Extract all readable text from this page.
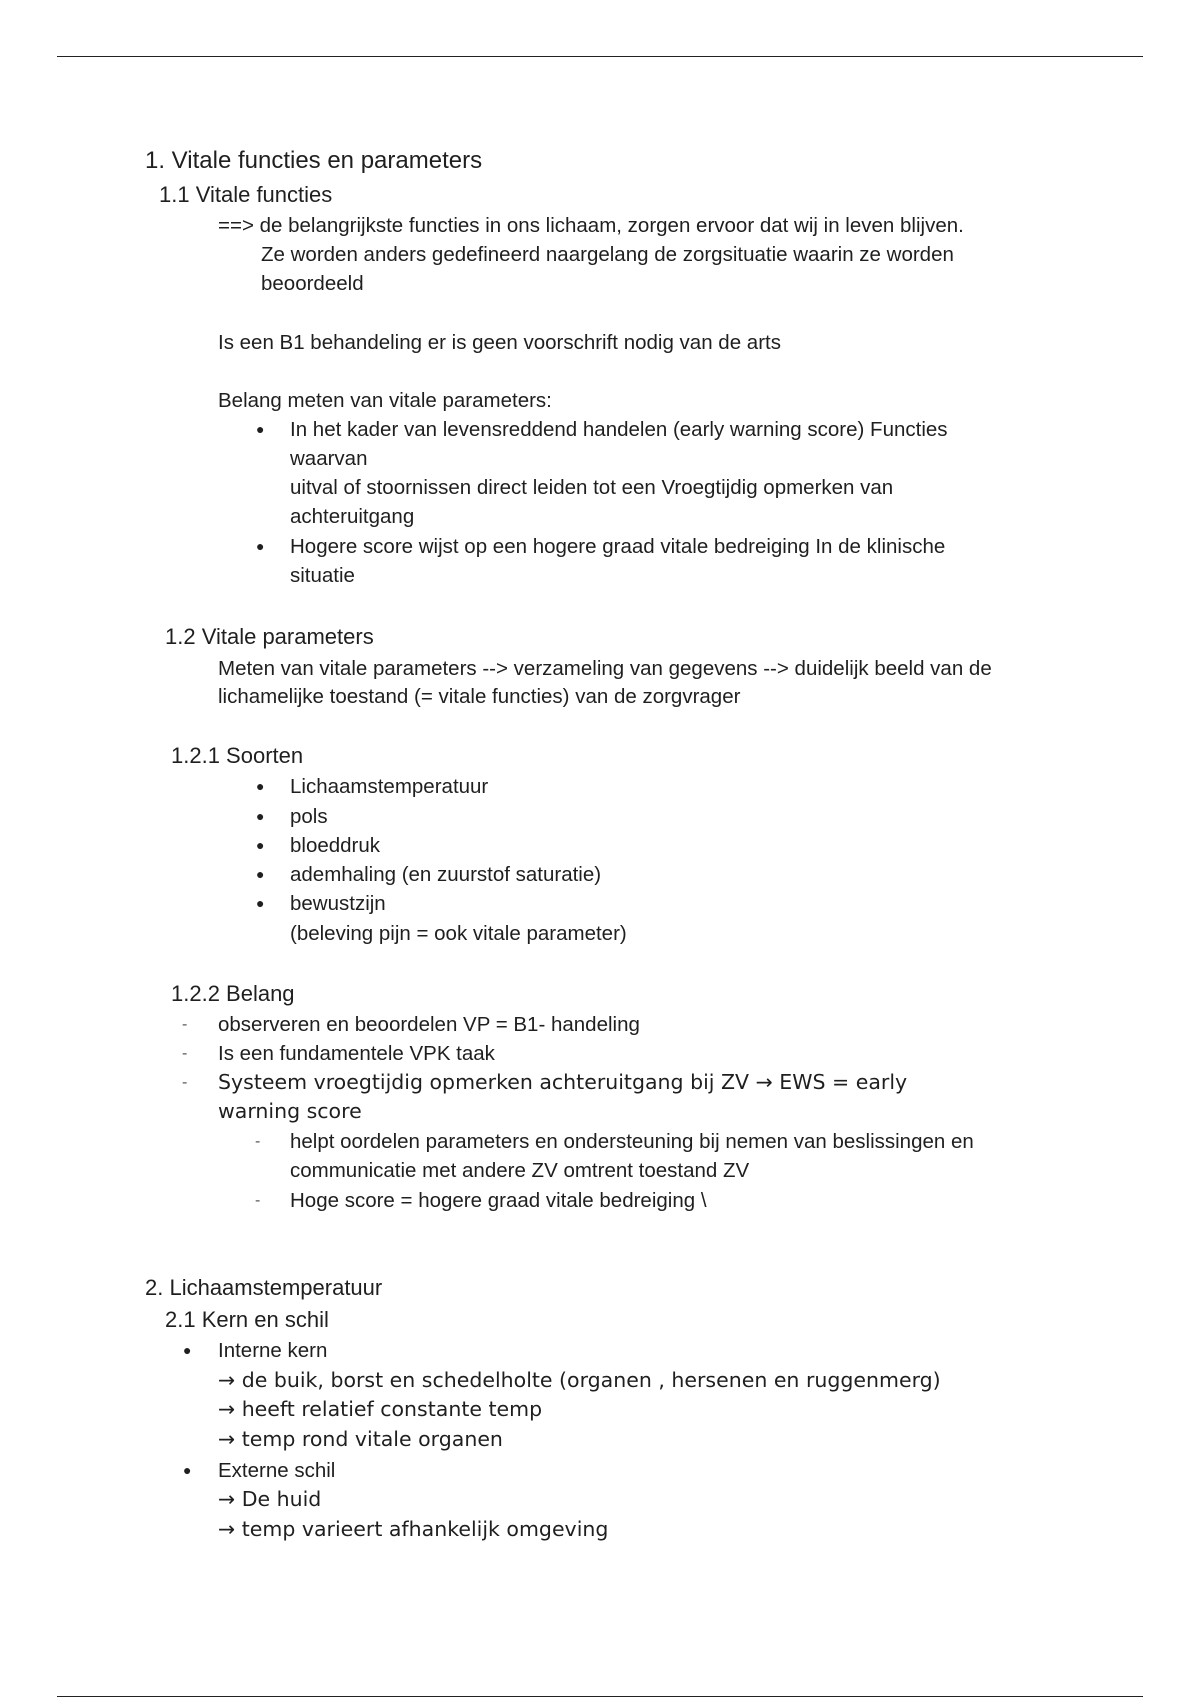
1. Vitale functies en parameters
1.1 Vitale functies
==> de belangrijkste functies in ons lichaam, zorgen ervoor dat wij in leven blijven.
Ze worden anders gedefineerd naargelang de zorgsituatie waarin ze worden
beoordeeld
Is een B1 behandeling er is geen voorschrift nodig van de arts
Belang meten van vitale parameters:
● In het kader van levensreddend handelen (early warning score) Functies
waarvan
uitval of stoornissen direct leiden tot een Vroegtijdig opmerken van
achteruitgang
● Hogere score wijst op een hogere graad vitale bedreiging In de klinische
situatie
1.2 Vitale parameters
Meten van vitale parameters --> verzameling van gegevens --> duidelijk beeld van de
lichamelijke toestand (= vitale functies) van de zorgvrager
1.2.1 Soorten
● Lichaamstemperatuur
● pols
● bloeddruk
● ademhaling (en zuurstof saturatie)
● bewustzijn
(beleving pijn = ook vitale parameter)
1.2.2 Belang
- observeren en beoordelen VP = B1- handeling
- Is een fundamentele VPK taak
- Systeem vroegtijdig opmerken achteruitgang bij ZV → EWS = early
warning score
- helpt oordelen parameters en ondersteuning bij nemen van beslissingen en
communicatie met andere ZV omtrent toestand ZV
- Hoge score = hogere graad vitale bedreiging \
2. Lichaamstemperatuur
2.1 Kern en schil
● Interne kern
→ de buik, borst en schedelholte (organen , hersenen en ruggenmerg)
→ heeft relatief constante temp
→ temp rond vitale organen
● Externe schil
→ De huid
→ temp varieert afhankelijk omgeving
